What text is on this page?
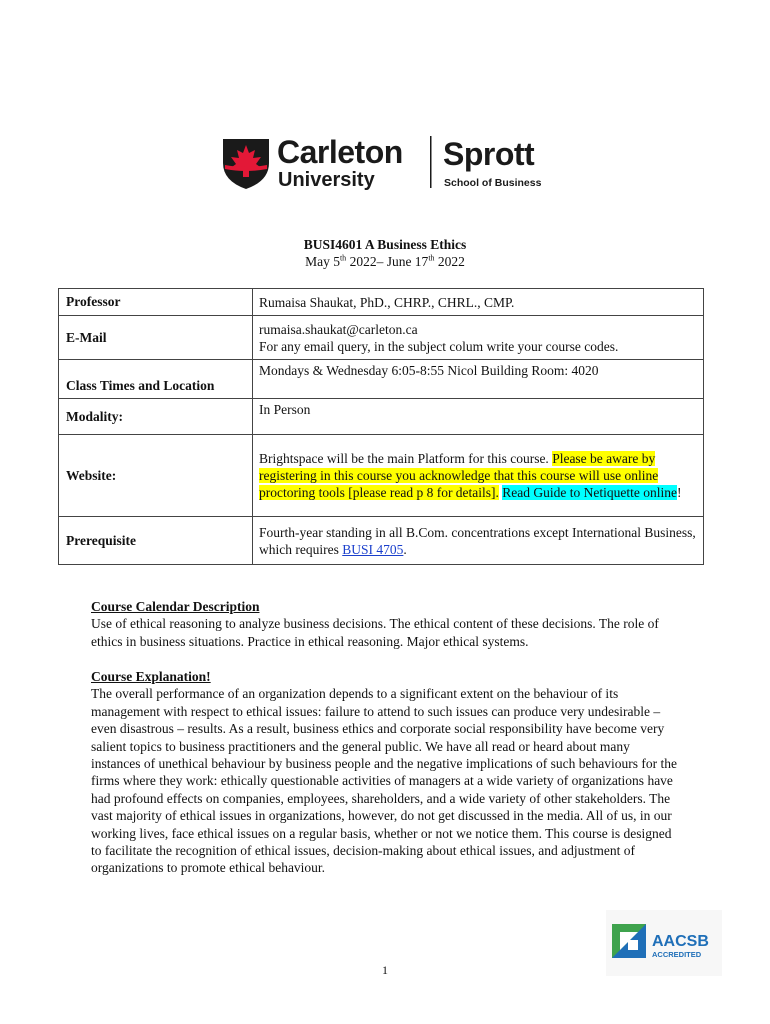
Carleton
University
Sprott
School of Business
BUSI4601 A Business Ethics
May 5th 2022– June 17th 2022
Professor	Rumaisa Shaukat, PhD., CHRP., CHRL., CMP.
E-Mail	rumaisa.shaukat@carleton.ca
For any email query, in the subject colum write your course codes.

Class Times and Location	Mondays & Wednesday 6:05-8:55 Nicol Building Room: 4020
Modality:	In Person
Website:	Brightspace will be the main Platform for this course. Please be aware by registering in this course you acknowledge that this course will use online proctoring tools [please read p 8 for details]. Read Guide to Netiquette online!
Prerequisite	Fourth-year standing in all B.Com. concentrations except International Business, which requires BUSI 4705.
Course Calendar Description
Use of ethical reasoning to analyze business decisions. The ethical content of these decisions. The role of ethics in business situations. Practice in ethical reasoning. Major ethical systems.
Course Explanation!
The overall performance of an organization depends to a significant extent on the behaviour of its management with respect to ethical issues: failure to attend to such issues can produce very undesirable – even disastrous – results. As a result, business ethics and corporate social responsibility have become very salient topics to business practitioners and the general public. We have all read or heard about many instances of unethical behaviour by business people and the negative implications of such behaviours for the firms where they work: ethically questionable activities of managers at a wide variety of organizations have had profound effects on companies, employees, shareholders, and a wide variety of other stakeholders. The vast majority of ethical issues in organizations, however, do not get discussed in the media. All of us, in our working lives, face ethical issues on a regular basis, whether or not we notice them. This course is designed to facilitate the recognition of ethical issues, decision-making about ethical issues, and adjustment of organizations to promote ethical behaviour.
1
AACSB
ACCREDITED
